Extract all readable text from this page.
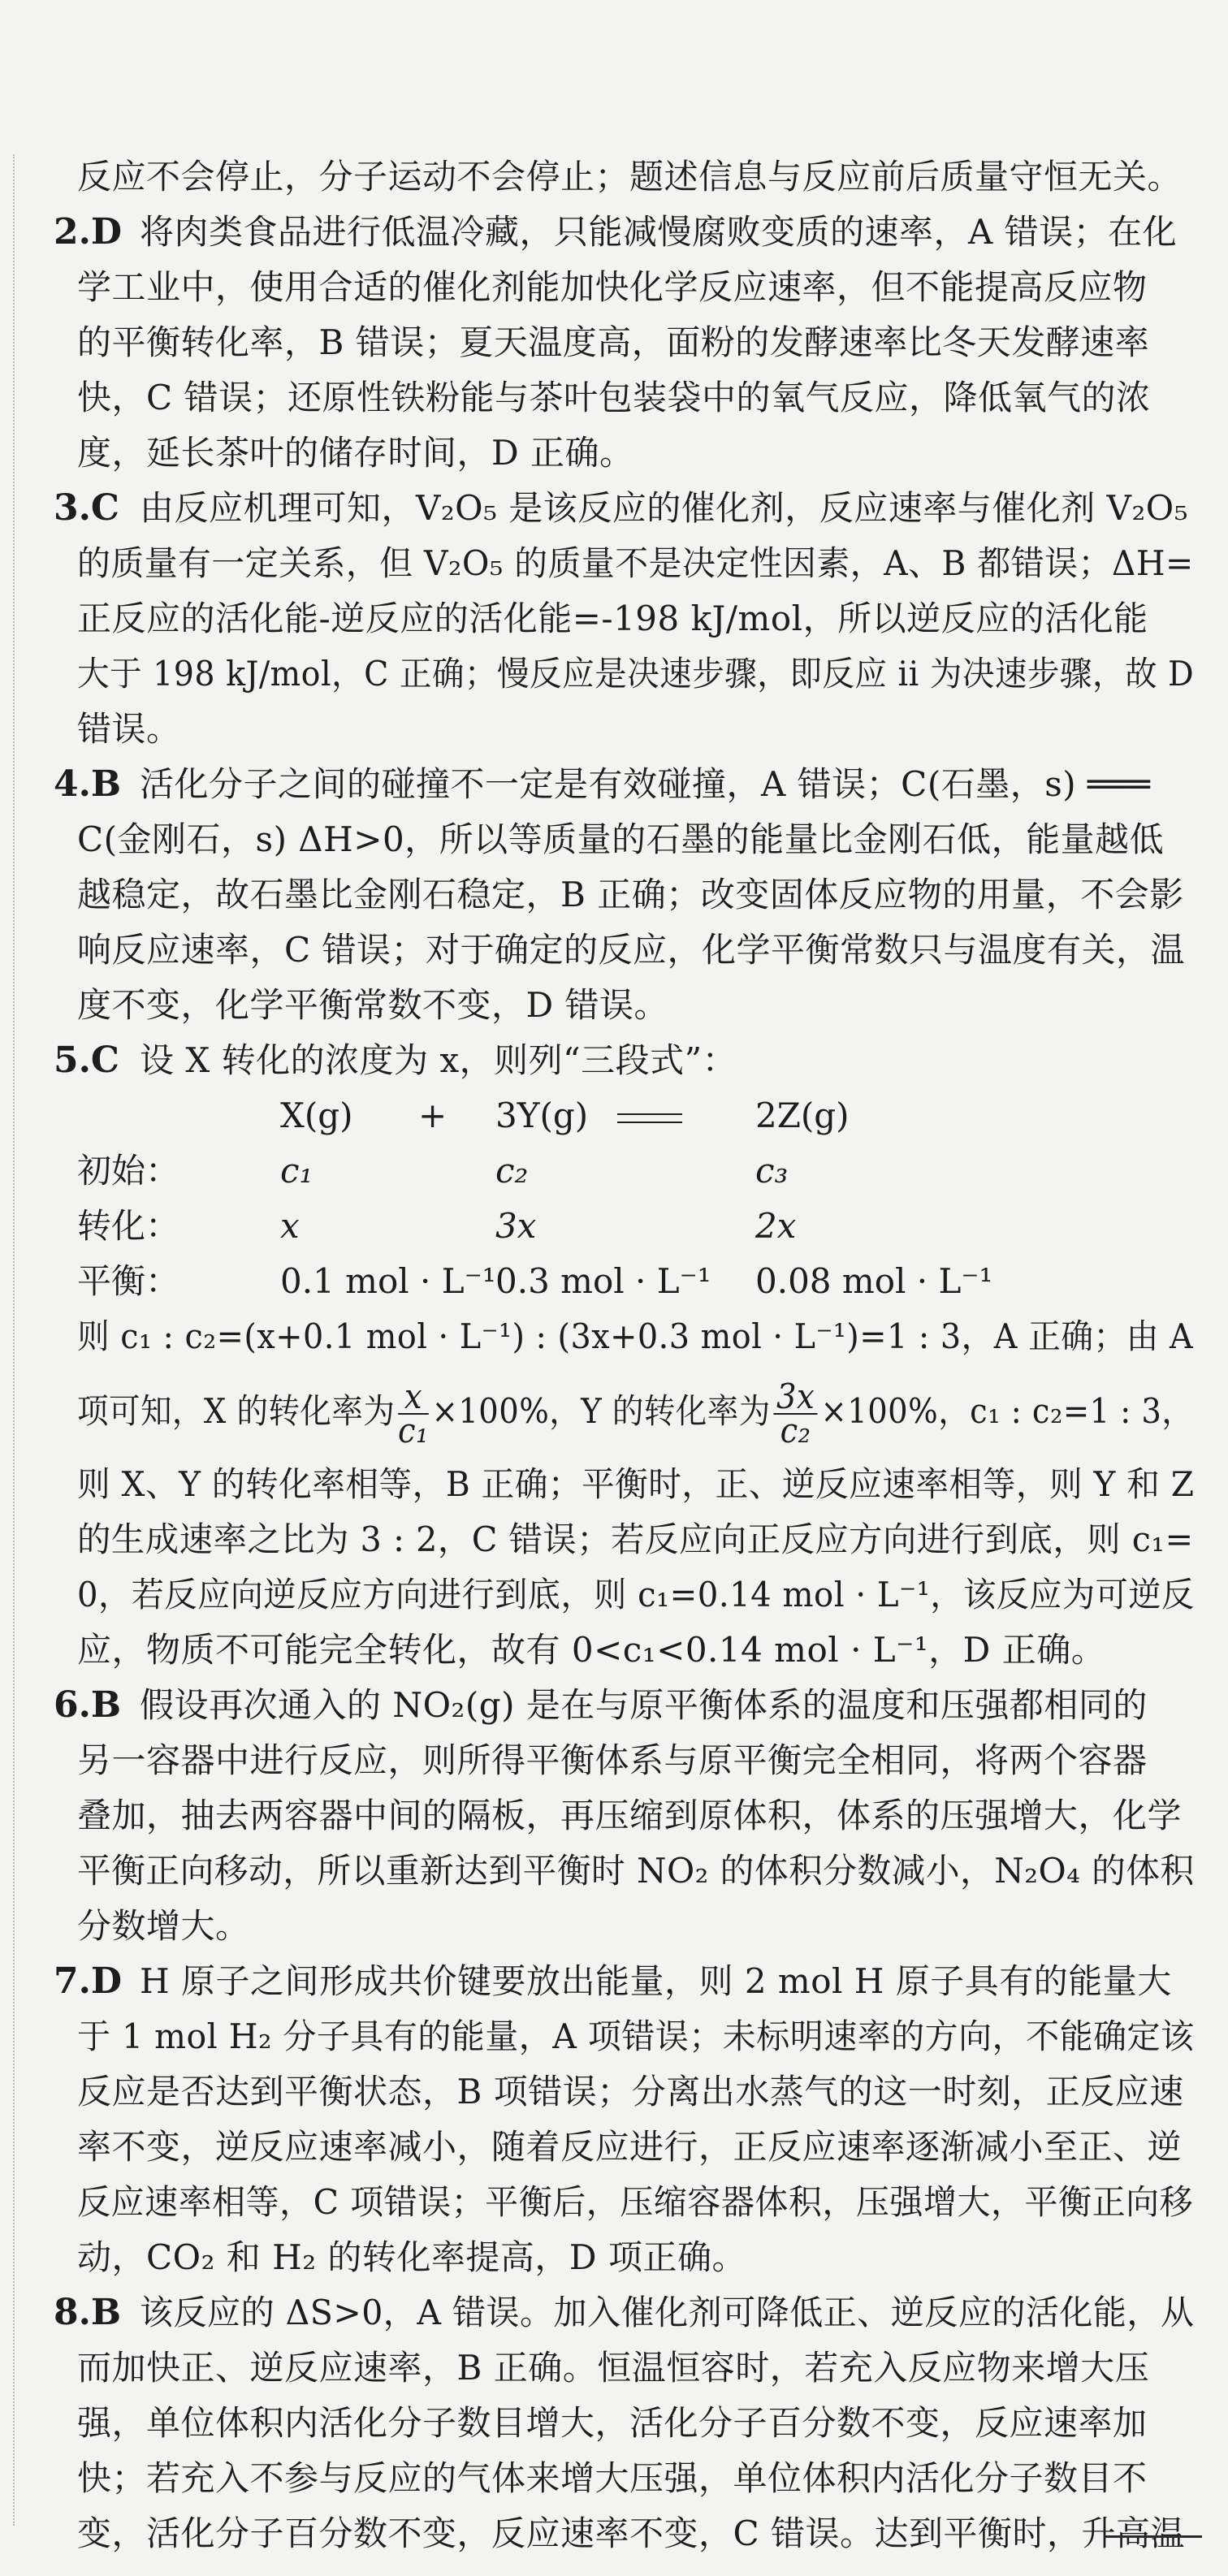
反应不会停止，分子运动不会停止；题述信息与反应前后质量守恒无关。
2.D 将肉类食品进行低温冷藏，只能减慢腐败变质的速率，A 错误；在化
学工业中，使用合适的催化剂能加快化学反应速率，但不能提高反应物
的平衡转化率，B 错误；夏天温度高，面粉的发酵速率比冬天发酵速率
快，C 错误；还原性铁粉能与茶叶包装袋中的氧气反应，降低氧气的浓
度，延长茶叶的储存时间，D 正确。
3.C 由反应机理可知，V₂O₅ 是该反应的催化剂，反应速率与催化剂 V₂O₅
的质量有一定关系，但 V₂O₅ 的质量不是决定性因素，A、B 都错误；ΔH=
正反应的活化能-逆反应的活化能=-198 kJ/mol，所以逆反应的活化能
大于 198 kJ/mol，C 正确；慢反应是决速步骤，即反应 ii 为决速步骤，故 D
错误。
4.B 活化分子之间的碰撞不一定是有效碰撞，A 错误；C(石墨，s) ═══
C(金刚石，s) ΔH>0，所以等质量的石墨的能量比金刚石低，能量越低
越稳定，故石墨比金刚石稳定，B 正确；改变固体反应物的用量，不会影
响反应速率，C 错误；对于确定的反应，化学平衡常数只与温度有关，温
度不变，化学平衡常数不变，D 错误。
5.C 设 X 转化的浓度为 x，则列“三段式”：
X(g) + 3Y(g)	2Z(g)
初始：	c₁	c₂	c₃
转化：	x	3x	2x
平衡：	0.1 mol · L⁻¹ 0.3 mol · L⁻¹ 0.08 mol · L⁻¹
则 c₁ : c₂=(x+0.1 mol · L⁻¹) : (3x+0.3 mol · L⁻¹)=1 : 3，A 正确；由 A
项可知，X 的转化率为 $\frac{x}{\text{c₁}} \times 100\%$，Y 的转化率为 $\frac{3x}{\text{c₂}} \times 100\%$，c₁ : c₂=1 : 3，
则 X、Y 的转化率相等，B 正确；平衡时，正、逆反应速率相等，则 Y 和 Z
的生成速率之比为 3 : 2，C 错误；若反应向正反应方向进行到底，则 c₁=
0，若反应向逆反应方向进行到底，则 c₁=0.14 mol · L⁻¹，该反应为可逆反
应，物质不可能完全转化，故有 0<c₁<0.14 mol · L⁻¹，D 正确。
6.B 假设再次通入的 NO₂(g) 是在与原平衡体系的温度和压强都相同的
另一容器中进行反应，则所得平衡体系与原平衡完全相同，将两个容器
叠加，抽去两容器中间的隔板，再压缩到原体积，体系的压强增大，化学
平衡正向移动，所以重新达到平衡时 NO₂ 的体积分数减小，N₂O₄ 的体积
分数增大。
7.D H 原子之间形成共价键要放出能量，则 2 mol H 原子具有的能量大
于 1 mol H₂ 分子具有的能量，A 项错误；未标明速率的方向，不能确定该
反应是否达到平衡状态，B 项错误；分离出水蒸气的这一时刻，正反应速
率不变，逆反应速率减小，随着反应进行，正反应速率逐渐减小至正、逆
反应速率相等，C 项错误；平衡后，压缩容器体积，压强增大，平衡正向移
动，CO₂ 和 H₂ 的转化率提高，D 项正确。
8.B 该反应的 ΔS>0，A 错误。加入催化剂可降低正、逆反应的活化能，从
而加快正、逆反应速率，B 正确。恒温恒容时，若充入反应物来增大压
强，单位体积内活化分子数目增大，活化分子百分数不变，反应速率加
快；若充入不参与反应的气体来增大压强，单位体积内活化分子数目不
变，活化分子百分数不变，反应速率不变，C 错误。达到平衡时，升高温
